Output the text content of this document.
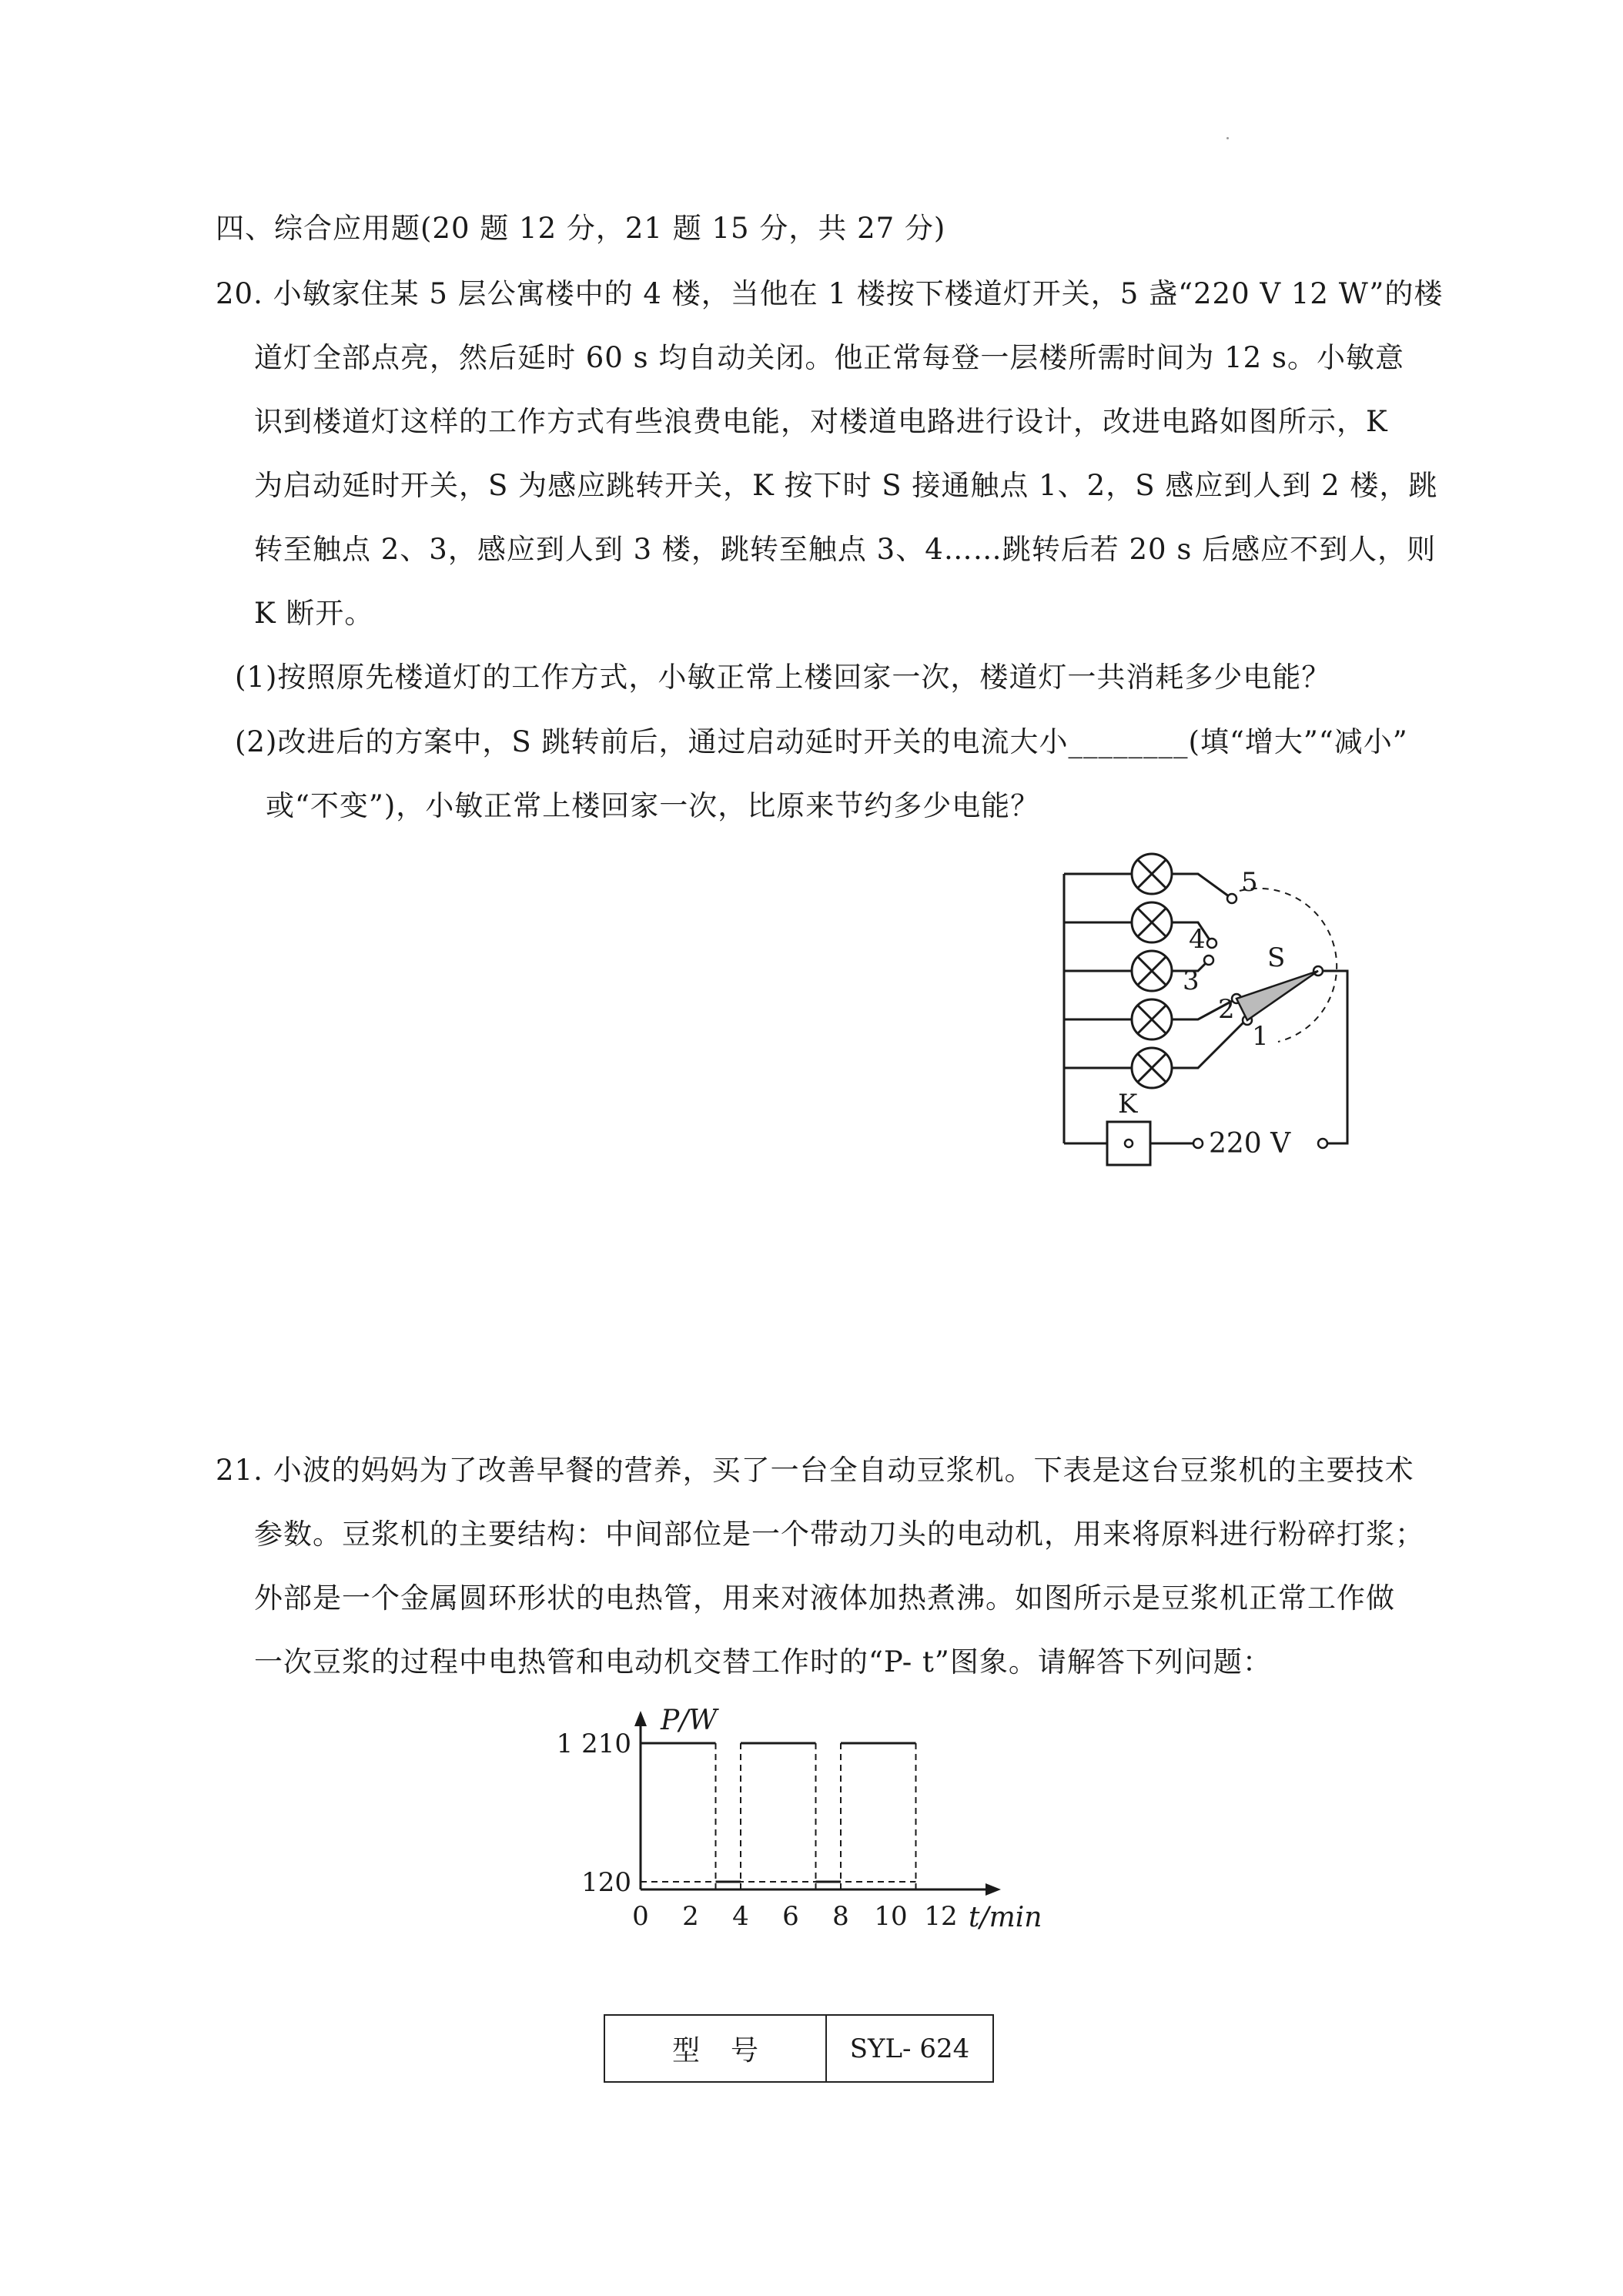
四、综合应用题(20 题 12 分，21 题 15 分，共 27 分)
20. 小敏家住某 5 层公寓楼中的 4 楼，当他在 1 楼按下楼道灯开关，5 盏“220 V 12 W”的楼
道灯全部点亮，然后延时 60 s 均自动关闭。他正常每登一层楼所需时间为 12 s。小敏意
识到楼道灯这样的工作方式有些浪费电能，对楼道电路进行设计，改进电路如图所示，K
为启动延时开关，S 为感应跳转开关，K 按下时 S 接通触点 1、2，S 感应到人到 2 楼，跳
转至触点 2、3，感应到人到 3 楼，跳转至触点 3、4……跳转后若 20 s 后感应不到人，则
K 断开。
(1)按照原先楼道灯的工作方式，小敏正常上楼回家一次，楼道灯一共消耗多少电能？
(2)改进后的方案中，S 跳转前后，通过启动延时开关的电流大小________(填“增大”“减小”
或“不变”)，小敏正常上楼回家一次，比原来节约多少电能？
5
4
3
2
1
S
K
220 V
21. 小波的妈妈为了改善早餐的营养，买了一台全自动豆浆机。下表是这台豆浆机的主要技术
参数。豆浆机的主要结构：中间部位是一个带动刀头的电动机，用来将原料进行粉碎打浆；
外部是一个金属圆环形状的电热管，用来对液体加热煮沸。如图所示是豆浆机正常工作做
一次豆浆的过程中电热管和电动机交替工作时的“P- t”图象。请解答下列问题：
1 210
120
0 2 4 6 8 10 12
P/W
t/min
型号	SYL- 624
